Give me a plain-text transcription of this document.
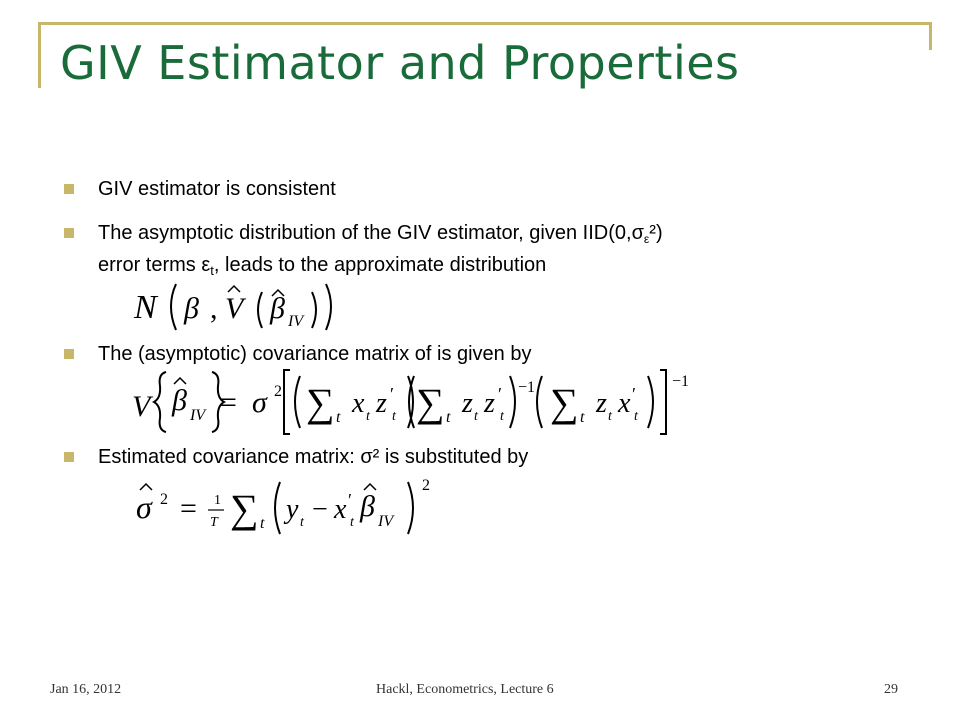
GIV Estimator and Properties
GIV estimator is consistent
The asymptotic distribution of the GIV estimator, given IID(0,σε²)
error terms $\varepsilon_t$, leads to the approximate distribution
N β V β IV
,
The (asymptotic) covariance matrix of is given by
V β IV = σ 2 ∑ t x t z ′
t ∑ t z t z ′
t
−1 ∑ t z t x ′
t
−1
Estimated covariance matrix: σ² is substituted by
σ 2 = 1
T ∑ t y t − x ′
t β IV
2
Jan 16, 2012	Hackl, Econometrics, Lecture 6	29
